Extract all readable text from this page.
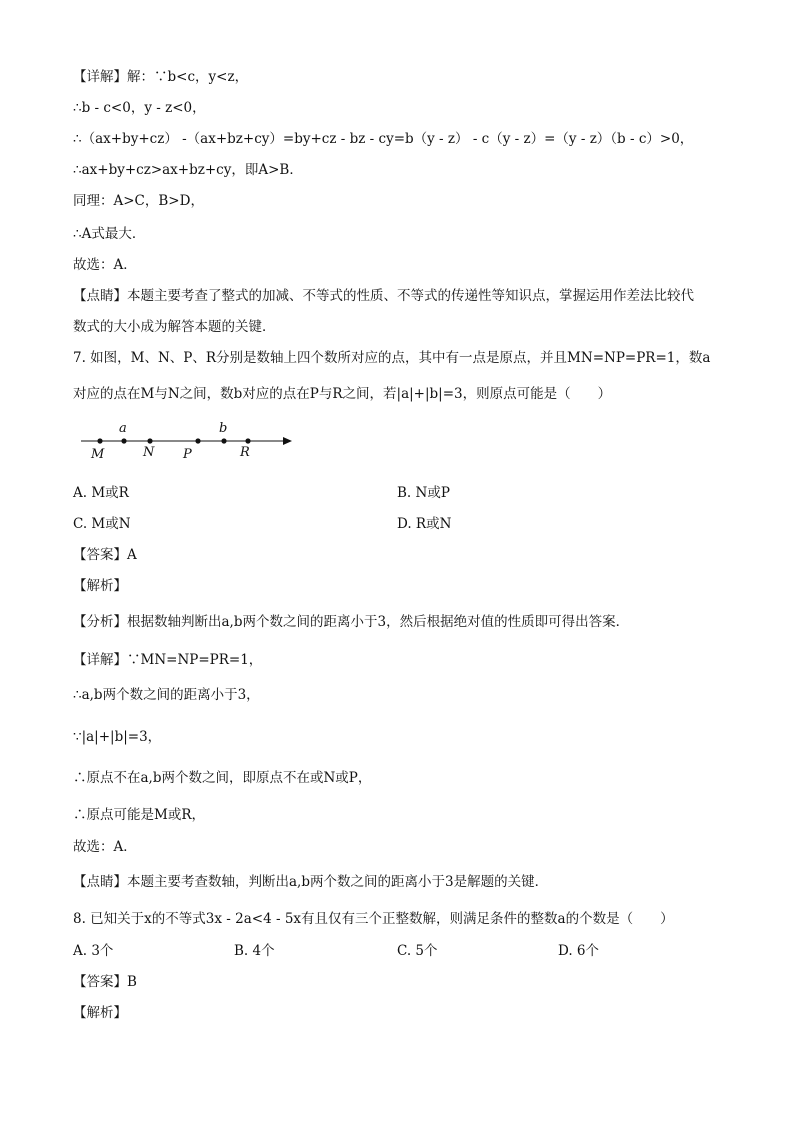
【详解】解：∵b<c，y<z，
∴b - c<0，y - z<0，
∴（ax+by+cz） -（ax+bz+cy）=by+cz - bz - cy=b（y - z） - c（y - z）=（y - z）（b - c）>0，
∴ax+by+cz>ax+bz+cy，即A>B．
同理：A>C，B>D，
∴A式最大．
故选：A．
【点睛】本题主要考查了整式的加减、不等式的性质、不等式的传递性等知识点，掌握运用作差法比较代
数式的大小成为解答本题的关键．
7. 如图，M、N、P、R分别是数轴上四个数所对应的点，其中有一点是原点，并且MN=NP=PR=1，数a
对应的点在M与N之间，数b对应的点在P与R之间，若|a|+|b|=3，则原点可能是（　　）
a	b
M	N P	R
A. M或R	B. N或P
C. M或N	D. R或N
【答案】A
【解析】
【分析】根据数轴判断出a,b两个数之间的距离小于3，然后根据绝对值的性质即可得出答案．
【详解】∵MN=NP=PR=1，
∴a,b两个数之间的距离小于3，
∵|a|+|b|=3，
∴原点不在a,b两个数之间，即原点不在或N或P，
∴原点可能是M或R，
故选：A．
【点睛】本题主要考查数轴，判断出a,b两个数之间的距离小于3是解题的关键．
8. 已知关于x的不等式3x - 2a<4 - 5x有且仅有三个正整数解，则满足条件的整数a的个数是（　　）
A. 3个	B. 4个	C. 5个	D. 6个
【答案】B
【解析】
